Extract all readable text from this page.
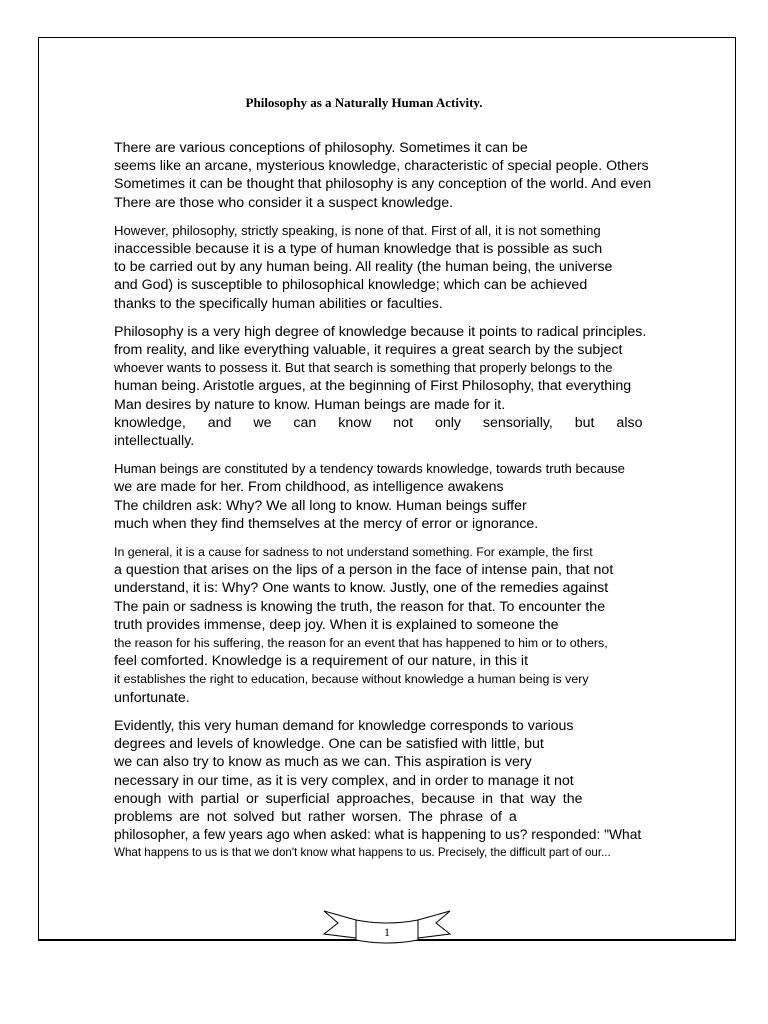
Philosophy as a Naturally Human Activity.

There are various conceptions of philosophy. Sometimes it can be
seems like an arcane, mysterious knowledge, characteristic of special people. Others
Sometimes it can be thought that philosophy is any conception of the world. And even
There are those who consider it a suspect knowledge.

However, philosophy, strictly speaking, is none of that. First of all, it is not something
inaccessible because it is a type of human knowledge that is possible as such
to be carried out by any human being. All reality (the human being, the universe
and God) is susceptible to philosophical knowledge; which can be achieved
thanks to the specifically human abilities or faculties.

Philosophy is a very high degree of knowledge because it points to radical principles.
from reality, and like everything valuable, it requires a great search by the subject
whoever wants to possess it. But that search is something that properly belongs to the
human being. Aristotle argues, at the beginning of First Philosophy, that everything
Man desires by nature to know. Human beings are made for it.
knowledge, and we can know not only sensorially, but also
intellectually.

Human beings are constituted by a tendency towards knowledge, towards truth because
we are made for her. From childhood, as intelligence awakens
The children ask: Why? We all long to know. Human beings suffer
much when they find themselves at the mercy of error or ignorance.

In general, it is a cause for sadness to not understand something. For example, the first
a question that arises on the lips of a person in the face of intense pain, that not
understand, it is: Why? One wants to know. Justly, one of the remedies against
The pain or sadness is knowing the truth, the reason for that. To encounter the
truth provides immense, deep joy. When it is explained to someone the
the reason for his suffering, the reason for an event that has happened to him or to others,
feel comforted. Knowledge is a requirement of our nature, in this it
it establishes the right to education, because without knowledge a human being is very
unfortunate.

Evidently, this very human demand for knowledge corresponds to various
degrees and levels of knowledge. One can be satisfied with little, but
we can also try to know as much as we can. This aspiration is very
necessary in our time, as it is very complex, and in order to manage it not
enough with partial or superficial approaches, because in that way the
problems are not solved but rather worsen. The phrase of a
philosopher, a few years ago when asked: what is happening to us? responded: "What
What happens to us is that we don't know what happens to us. Precisely, the difficult part of our...

1
